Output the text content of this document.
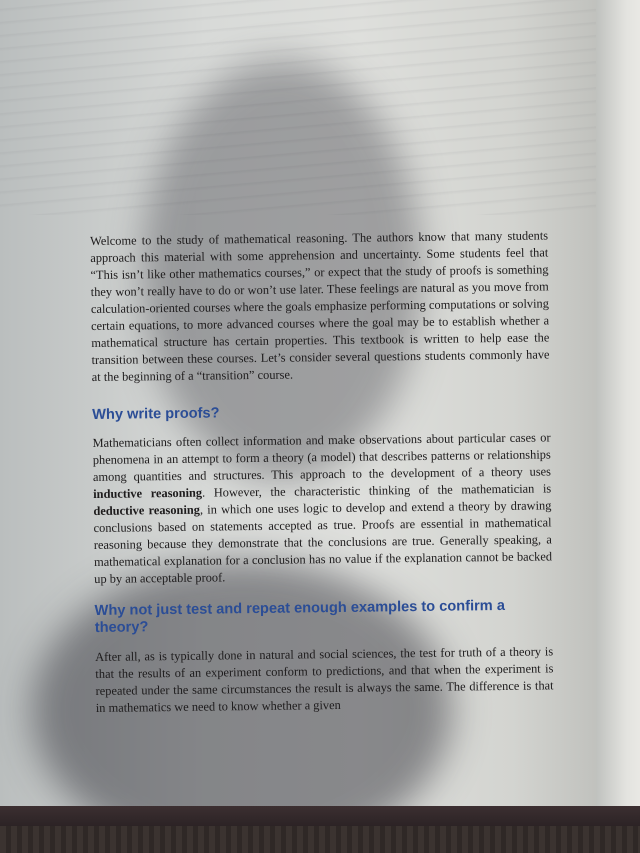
Welcome to the study of mathematical reasoning. The authors know that many students approach this material with some apprehension and uncertainty. Some students feel that “This isn’t like other mathematics courses,” or expect that the study of proofs is something they won’t really have to do or won’t use later. These feelings are natural as you move from calculation-oriented courses where the goals emphasize performing computations or solving certain equations, to more advanced courses where the goal may be to establish whether a mathematical structure has certain properties. This textbook is written to help ease the transition between these courses. Let’s consider several questions students commonly have at the beginning of a “transition” course.

Why write proofs?

Mathematicians often collect information and make observations about particular cases or phenomena in an attempt to form a theory (a model) that describes patterns or relationships among quantities and structures. This approach to the development of a theory uses inductive reasoning. However, the characteristic thinking of the mathematician is deductive reasoning, in which one uses logic to develop and extend a theory by drawing conclusions based on statements accepted as true. Proofs are essential in mathematical reasoning because they demonstrate that the conclusions are true. Generally speaking, a mathematical explanation for a conclusion has no value if the explanation cannot be backed up by an acceptable proof.

Why not just test and repeat enough examples to confirm a theory?

After all, as is typically done in natural and social sciences, the test for truth of a theory is that the results of an experiment conform to predictions, and that when the experiment is repeated under the same circumstances the result is always the same. The difference is that in mathematics we need to know whether a given
